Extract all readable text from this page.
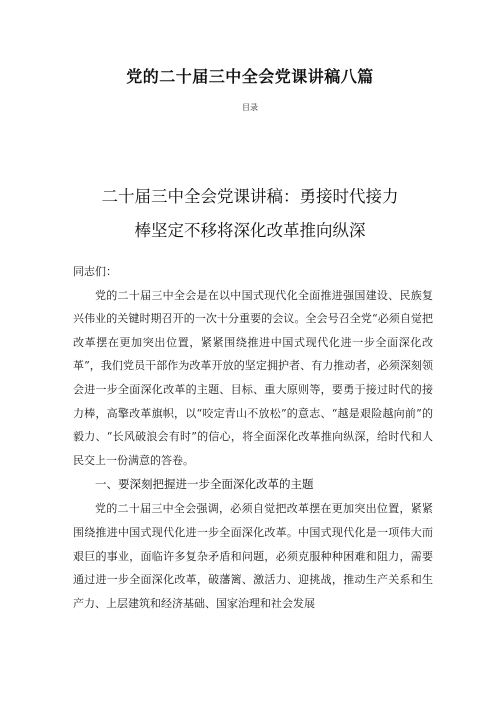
党的二十届三中全会党课讲稿八篇
目录
二十届三中全会党课讲稿：勇接时代接力
棒坚定不移将深化改革推向纵深

同志们：

党的二十届三中全会是在以中国式现代化全面推进强国建设、民族复兴伟业的关键时期召开的一次十分重要的会议。全会号召全党“必须自觉把改革摆在更加突出位置，紧紧围绕推进中国式现代化进一步全面深化改革”，我们党员干部作为改革开放的坚定拥护者、有力推动者，必须深刻领会进一步全面深化改革的主题、目标、重大原则等，要勇于接过时代的接力棒，高擎改革旗帜，以“咬定青山不放松”的意志、“越是艰险越向前”的毅力、“长风破浪会有时”的信心，将全面深化改革推向纵深，给时代和人民交上一份满意的答卷。

一、要深刻把握进一步全面深化改革的主题

党的二十届三中全会强调，必须自觉把改革摆在更加突出位置，紧紧围绕推进中国式现代化进一步全面深化改革。中国式现代化是一项伟大而艰巨的事业，面临许多复杂矛盾和问题，必须克服种种困难和阻力，需要通过进一步全面深化改革，破藩篱、激活力、迎挑战，推动生产关系和生产力、上层建筑和经济基础、国家治理和社会发展
